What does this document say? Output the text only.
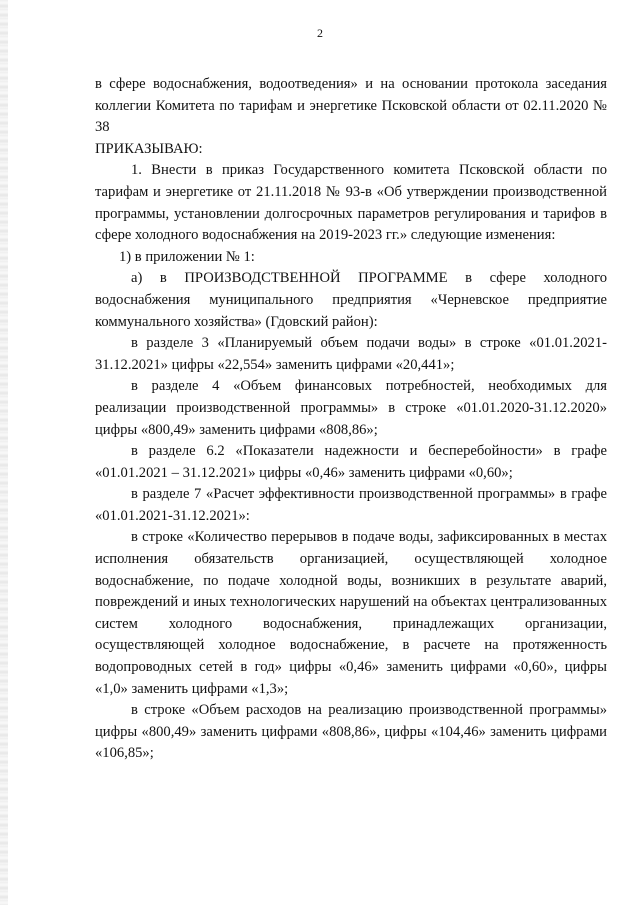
2

в сфере водоснабжения, водоотведения» и на основании протокола заседания коллегии Комитета по тарифам и энергетике Псковской области от 02.11.2020 № 38

ПРИКАЗЫВАЮ:

1. Внести в приказ Государственного комитета Псковской области по тарифам и энергетике от 21.11.2018 № 93-в «Об утверждении производственной программы, установлении долгосрочных параметров регулирования и тарифов в сфере холодного водоснабжения на 2019-2023 гг.» следующие изменения:

1) в приложении № 1:

а) в ПРОИЗВОДСТВЕННОЙ ПРОГРАММЕ в сфере холодного водоснабжения муниципального предприятия «Черневское предприятие коммунального хозяйства» (Гдовский район):

в разделе 3 «Планируемый объем подачи воды» в строке «01.01.2021-31.12.2021» цифры «22,554» заменить цифрами «20,441»;

в разделе 4 «Объем финансовых потребностей, необходимых для реализации производственной программы» в строке «01.01.2020-31.12.2020» цифры «800,49» заменить цифрами «808,86»;

в разделе 6.2 «Показатели надежности и бесперебойности» в графе «01.01.2021 – 31.12.2021» цифры «0,46» заменить цифрами «0,60»;

в разделе 7 «Расчет эффективности производственной программы» в графе «01.01.2021-31.12.2021»:

в строке «Количество перерывов в подаче воды, зафиксированных в местах исполнения обязательств организацией, осуществляющей холодное водоснабжение, по подаче холодной воды, возникших в результате аварий, повреждений и иных технологических нарушений на объектах централизованных систем холодного водоснабжения, принадлежащих организации, осуществляющей холодное водоснабжение, в расчете на протяженность водопроводных сетей в год» цифры «0,46» заменить цифрами «0,60», цифры «1,0» заменить цифрами «1,3»;

в строке «Объем расходов на реализацию производственной программы» цифры «800,49» заменить цифрами «808,86», цифры «104,46» заменить цифрами «106,85»;
